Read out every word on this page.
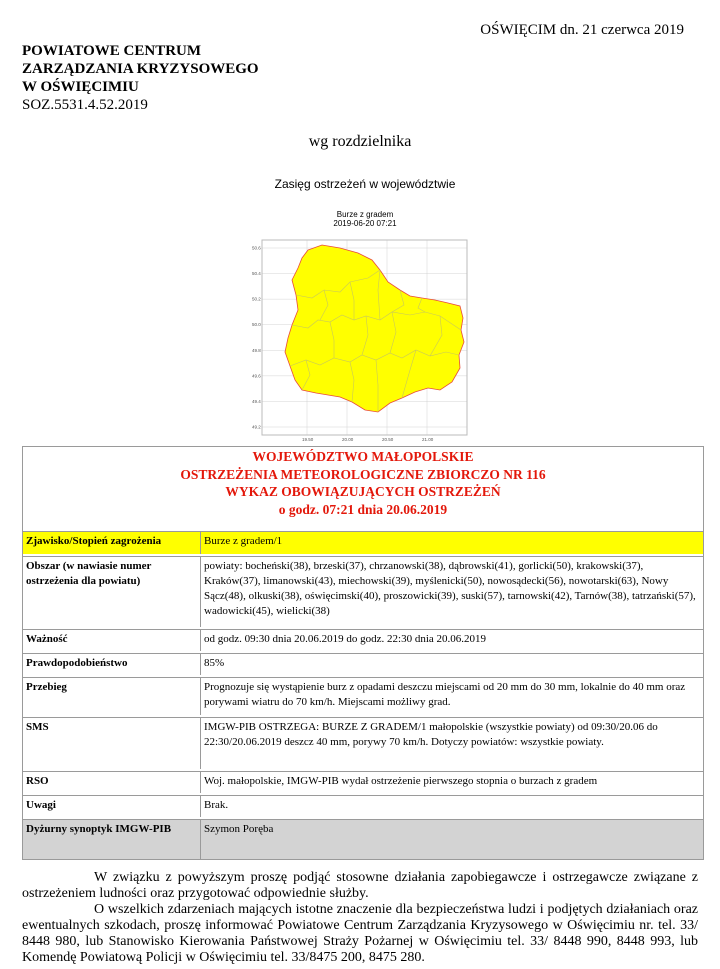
OŚWIĘCIM dn. 21 czerwca 2019
POWIATOWE CENTRUM
ZARZĄDZANIA KRYZYSOWEGO
W OŚWIĘCIMIU
SOZ.5531.4.52.2019
wg rozdzielnika
Zasięg ostrzeżeń w województwie
Burze z gradem
2019-06-20 07:21
50.6
50.4
50.2
50.0
49.8
49.6
49.4
49.2
19.50	20.00	20.50	21.00
WOJEWÓDZTWO MAŁOPOLSKIE
OSTRZEŻENIA METEOROLOGICZNE ZBIORCZO NR 116
WYKAZ OBOWIĄZUJĄCYCH OSTRZEŻEŃ
o godz. 07:21 dnia 20.06.2019
Zjawisko/Stopień zagrożenia	Burze z gradem/1
Obszar (w nawiasie numer ostrzeżenia dla powiatu)
powiaty: bocheński(38), brzeski(37), chrzanowski(38), dąbrowski(41), gorlicki(50), krakowski(37), Kraków(37), limanowski(43), miechowski(39), myślenicki(50), nowosądecki(56), nowotarski(63), Nowy Sącz(48), olkuski(38), oświęcimski(40), proszowicki(39), suski(57), tarnowski(42), Tarnów(38), tatrzański(57), wadowicki(45), wielicki(38)
Ważność	od godz. 09:30 dnia 20.06.2019 do godz. 22:30 dnia 20.06.2019
Prawdopodobieństwo	85%
Przebieg	Prognozuje się wystąpienie burz z opadami deszczu miejscami od 20 mm do 30 mm, lokalnie do 40 mm oraz porywami wiatru do 70 km/h. Miejscami możliwy grad.
SMS	IMGW-PIB OSTRZEGA: BURZE Z GRADEM/1 małopolskie (wszystkie powiaty) od 09:30/20.06 do 22:30/20.06.2019 deszcz 40 mm, porywy 70 km/h. Dotyczy powiatów: wszystkie powiaty.
RSO	Woj. małopolskie, IMGW-PIB wydał ostrzeżenie pierwszego stopnia o burzach z gradem
Uwagi	Brak.
Dyżurny synoptyk IMGW-PIB	Szymon Poręba
W związku z powyższym proszę podjąć stosowne działania zapobiegawcze i ostrzegawcze związane z ostrzeżeniem ludności oraz przygotować odpowiednie służby.
O wszelkich zdarzeniach mających istotne znaczenie dla bezpieczeństwa ludzi i podjętych działaniach oraz ewentualnych szkodach, proszę informować Powiatowe Centrum Zarządzania Kryzysowego w Oświęcimiu nr. tel. 33/ 8448 980, lub Stanowisko Kierowania Państwowej Straży Pożarnej w Oświęcimiu tel. 33/ 8448 990, 8448 993, lub Komendę Powiatową Policji w Oświęcimiu tel. 33/8475 200, 8475 280.
